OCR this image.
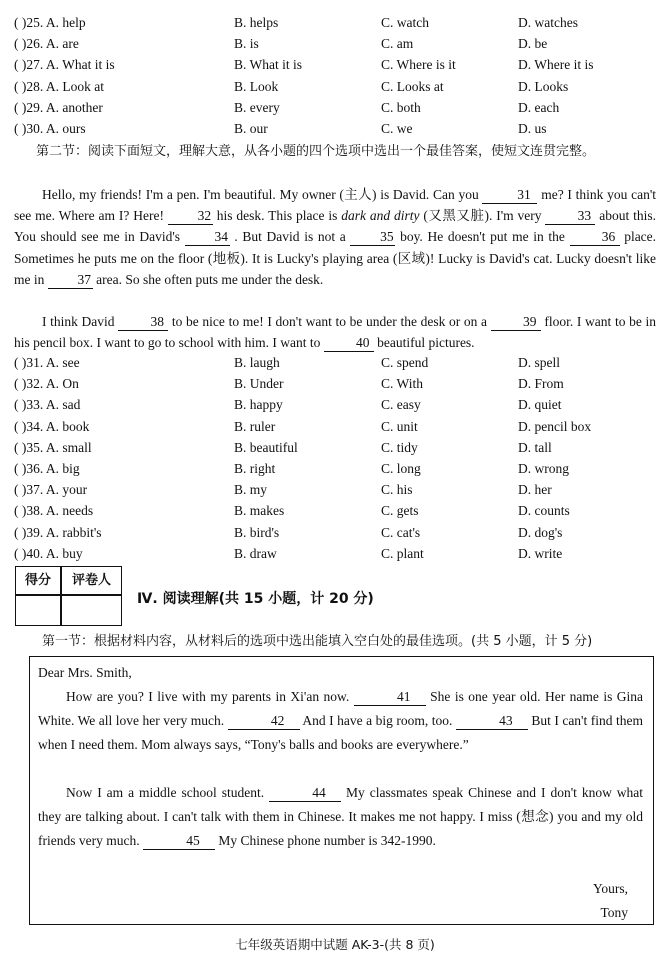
( )25. A. help	B. helps	C. watch	D. watches
( )26. A. are	B. is	C. am	D. be
( )27. A. What it is	B. What it is	C. Where is it	D. Where it is
( )28. A. Look at	B. Look	C. Looks at	D. Looks
( )29. A. another	B. every	C. both	D. each
( )30. A. ours	B. our	C. we	D. us
第二节：阅读下面短文，理解大意，从各小题的四个选项中选出一个最佳答案，使短文连贯完整。
Hello, my friends! I'm a pen. I'm beautiful. My owner (主人) is David. Can you	31 me? I think you can't see me. Where am I? Here! 32 his desk. This place is dark and dirty (又黑又脏). I'm very	33 about this. You should see me in David's	34 . But David is not a	35 boy. He doesn't put me in the	36 place. Sometimes he puts me on the floor (地板). It is Lucky's playing area (区域)! Lucky is David's cat. Lucky doesn't like me in 37 area. So she often puts me under the desk.
I think David	38 to be nice to me! I don't want to be under the desk or on a	39 floor. I want to be in his pencil box. I want to go to school with him. I want to	40 beautiful pictures.
( )31. A. see	B. laugh	C. spend	D. spell
( )32. A. On	B. Under	C. With	D. From
( )33. A. sad	B. happy	C. easy	D. quiet
( )34. A. book	B. ruler	C. unit	D. pencil box
( )35. A. small	B. beautiful	C. tidy	D. tall
( )36. A. big	B. right	C. long	D. wrong
( )37. A. your	B. my	C. his	D. her
( )38. A. needs	B. makes	C. gets	D. counts
( )39. A. rabbit's	B. bird's	C. cat's	D. dog's
( )40. A. buy	B. draw	C. plant	D. write
得分	评卷人
Ⅳ. 阅读理解(共 15 小题，计 20 分)
第一节：根据材料内容，从材料后的选项中选出能填入空白处的最佳选项。(共 5 小题，计 5 分)
Dear Mrs. Smith,
How are you? I live with my parents in Xi'an now.	41 She is one year old. Her name is Gina White. We all love her very much.	42 And I have a big room, too.	43 But I can't find them when I need them. Mom always says, “Tony's balls and books are everywhere.”
Now I am a middle school student.	44 My classmates speak Chinese and I don't know what they are talking about. I can't talk with them in Chinese. It makes me not happy. I miss (想念) you and my old friends very much.	45 My Chinese phone number is 342-1990.
Yours,
Tony
七年级英语期中试题 AK-3-(共 8 页)
